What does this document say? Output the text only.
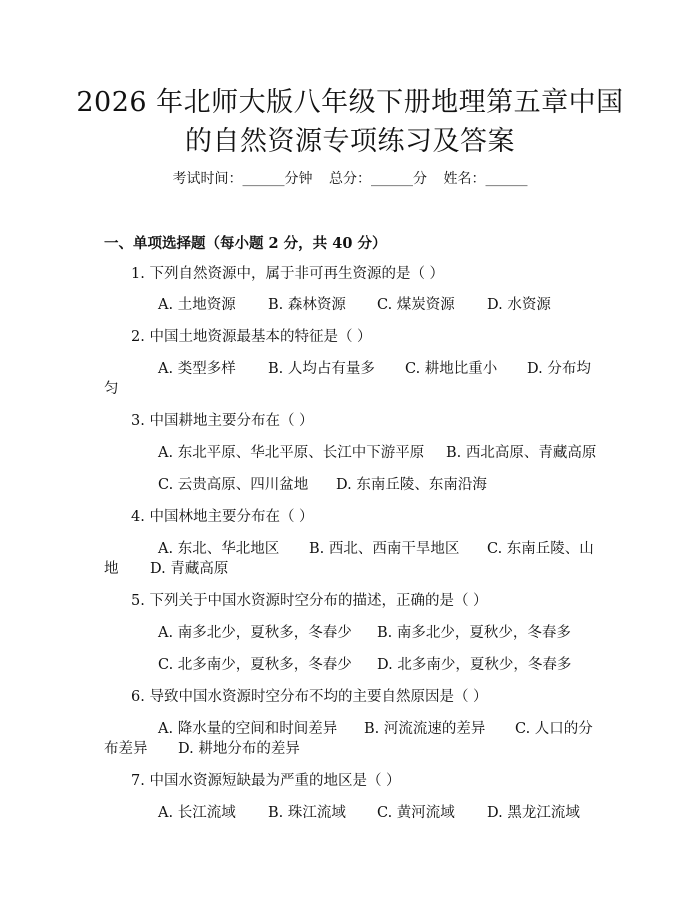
2026 年北师大版八年级下册地理第五章中国
的自然资源专项练习及答案
考试时间：______分钟 总分：______分 姓名：______
一、单项选择题（每小题 2 分，共 40 分）
1. 下列自然资源中，属于非可再生资源的是（ ）
A. 土地资源 B. 森林资源 C. 煤炭资源 D. 水资源
2. 中国土地资源最基本的特征是（ ）
A. 类型多样 B. 人均占有量多 C. 耕地比重小 D. 分布均
匀
3. 中国耕地主要分布在（ ）
A. 东北平原、华北平原、长江中下游平原 B. 西北高原、青藏高原
C. 云贵高原、四川盆地 D. 东南丘陵、东南沿海
4. 中国林地主要分布在（ ）
A. 东北、华北地区 B. 西北、西南干旱地区 C. 东南丘陵、山
地 D. 青藏高原
5. 下列关于中国水资源时空分布的描述，正确的是（ ）
A. 南多北少，夏秋多，冬春少 B. 南多北少，夏秋少，冬春多
C. 北多南少，夏秋多，冬春少 D. 北多南少，夏秋少，冬春多
6. 导致中国水资源时空分布不均的主要自然原因是（ ）
A. 降水量的空间和时间差异 B. 河流流速的差异 C. 人口的分
布差异 D. 耕地分布的差异
7. 中国水资源短缺最为严重的地区是（ ）
A. 长江流域 B. 珠江流域 C. 黄河流域 D. 黑龙江流域
